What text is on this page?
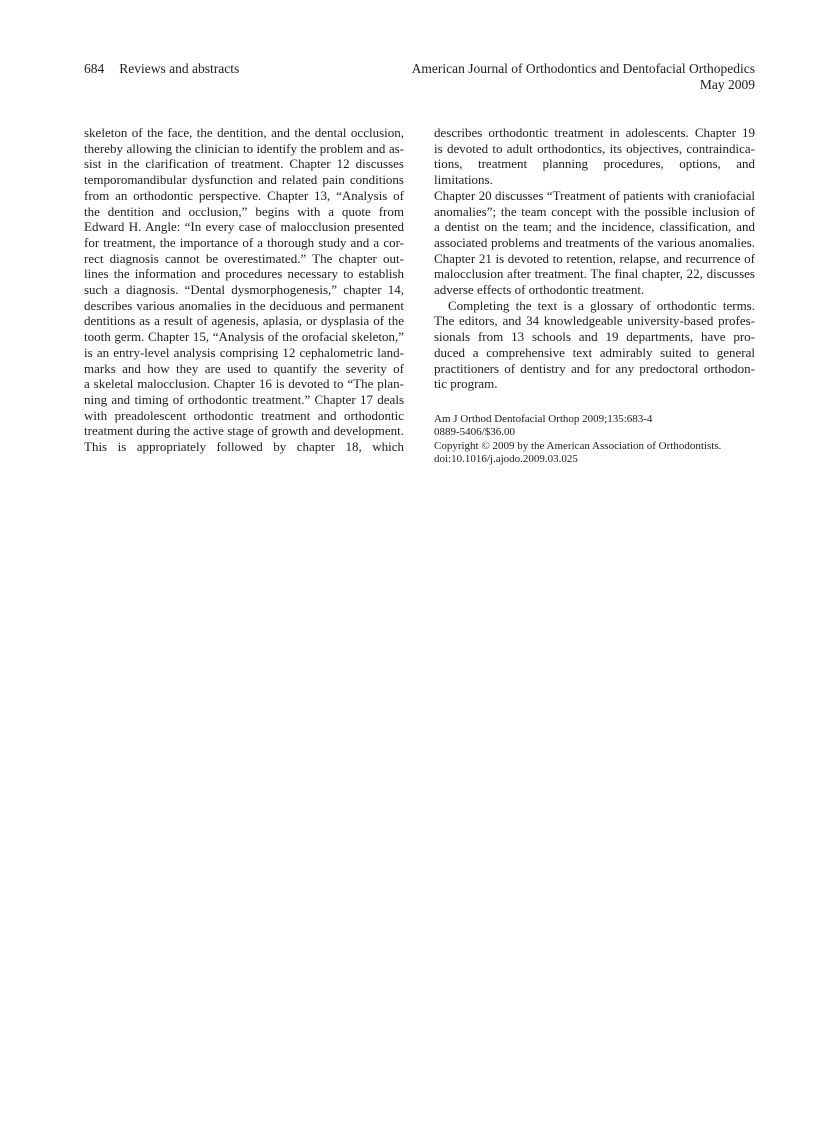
684 Reviews and abstracts	American Journal of Orthodontics and Dentofacial Orthopedics
May 2009
skeleton of the face, the dentition, and the dental occlusion,
thereby allowing the clinician to identify the problem and as-
sist in the clarification of treatment. Chapter 12 discusses
temporomandibular dysfunction and related pain conditions
from an orthodontic perspective. Chapter 13, “Analysis of
the dentition and occlusion,” begins with a quote from
Edward H. Angle: “In every case of malocclusion presented
for treatment, the importance of a thorough study and a cor-
rect diagnosis cannot be overestimated.” The chapter out-
lines the information and procedures necessary to establish
such a diagnosis. “Dental dysmorphogenesis,” chapter 14,
describes various anomalies in the deciduous and permanent
dentitions as a result of agenesis, aplasia, or dysplasia of the
tooth germ. Chapter 15, “Analysis of the orofacial skeleton,”
is an entry-level analysis comprising 12 cephalometric land-
marks and how they are used to quantify the severity of
a skeletal malocclusion. Chapter 16 is devoted to “The plan-
ning and timing of orthodontic treatment.” Chapter 17 deals
with preadolescent orthodontic treatment and orthodontic
treatment during the active stage of growth and development.
This is appropriately followed by chapter 18, which
describes orthodontic treatment in adolescents. Chapter 19
is devoted to adult orthodontics, its objectives, contraindica-
tions, treatment planning procedures, options, and limitations.
Chapter 20 discusses “Treatment of patients with craniofacial
anomalies”; the team concept with the possible inclusion of
a dentist on the team; and the incidence, classification, and
associated problems and treatments of the various anomalies.
Chapter 21 is devoted to retention, relapse, and recurrence of
malocclusion after treatment. The final chapter, 22, discusses
adverse effects of orthodontic treatment.
Completing the text is a glossary of orthodontic terms.
The editors, and 34 knowledgeable university-based profes-
sionals from 13 schools and 19 departments, have pro-
duced a comprehensive text admirably suited to general
practitioners of dentistry and for any predoctoral orthodon-
tic program.
Am J Orthod Dentofacial Orthop 2009;135:683-4
0889-5406/$36.00
Copyright © 2009 by the American Association of Orthodontists.
doi:10.1016/j.ajodo.2009.03.025
